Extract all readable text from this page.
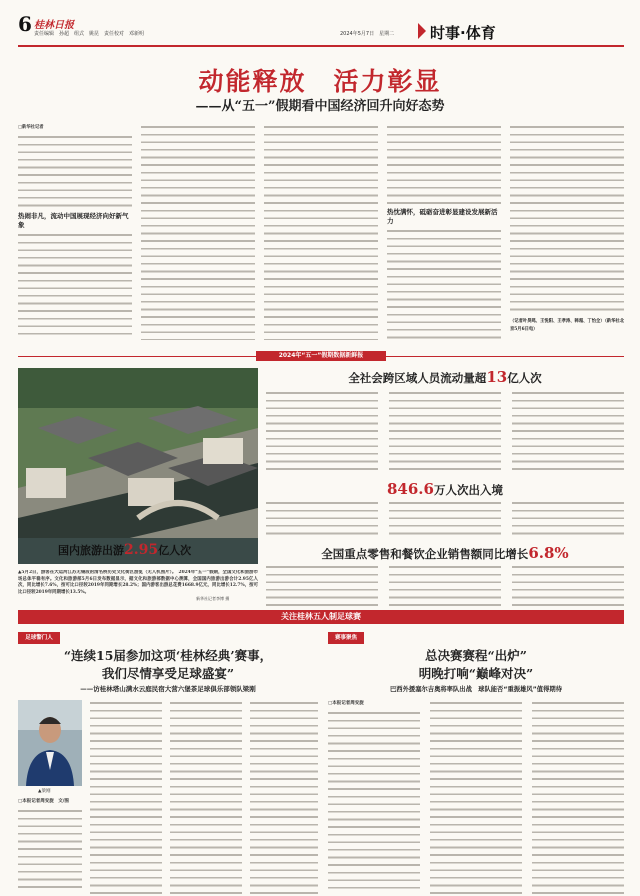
6 桂林日报
责任编辑　孙超　组式　姚昆　责任校对　邓新明	2024年5月7日　星期二 时事·体育
动能释放　活力彰显
——从“五一”假期看中国经济回升向好态势
□新华社记者
热闹非凡，流动中国展现经济向好新气象
热忱满怀，砥砺奋进彰显建设发展新活力
（记者叶昊鸣、王悦阳、王孝涛、韩超、丁怡全）（新华社北京5月6日电）
2024年“五一”假期数据新鲜报
国内旅游出游2.95亿人次
▲5月2日，游客在大运河江苏无锡段的清名桥历史文化街区游览（无人机照片）。　2024年“五一”假期，全国文化和旅游市场总体平稳有序。文化和旅游部5月6日发布数据显示，据文化和旅游部数据中心测算，全国国内旅游出游合计2.95亿人次，同比增长7.6%，按可比口径较2019年同期增长28.2%；国内游客出游总花费1668.9亿元，同比增长12.7%，按可比口径较2019年同期增长13.5%。
新华社记者李博 摄
全社会跨区域人员流动量超13亿人次
846.6万人次出入境
全国重点零售和餐饮企业销售额同比增长6.8%
关注桂林五人制足球赛
足球警门人
“连续15届参加这项‘桂林经典’赛事，
我们尽情享受足球盛宴”
——访桂林塔山满水云庭民宿大营六堡茶足球俱乐部领队梁刚
▲梁刚
□本报记者周安旋　文/图
赛事聚焦
总决赛赛程“出炉”
明晚打响“巅峰对决”
巴西外援塞尔吉奥将率队出战　球队能否“重振雄风”值得期待
□本报记者周安旋
